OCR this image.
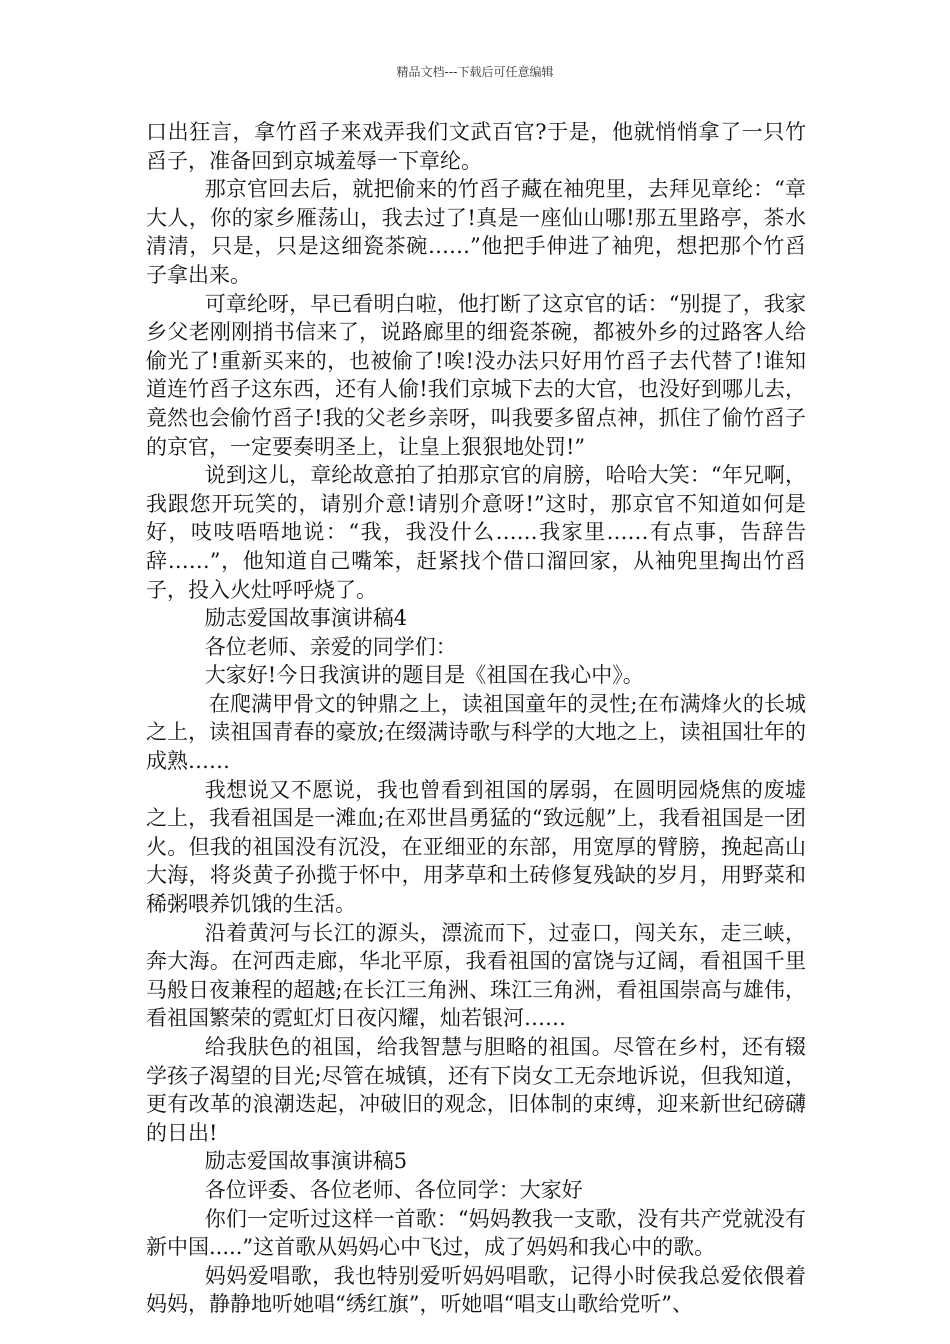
精品文档---下载后可任意编辑

口出狂言，拿竹舀子来戏弄我们文武百官?于是，他就悄悄拿了一只竹舀子，准备回到京城羞辱一下章纶。

那京官回去后，就把偷来的竹舀子藏在袖兜里，去拜见章纶：“章大人，你的家乡雁荡山，我去过了!真是一座仙山哪!那五里路亭，茶水清清，只是，只是这细瓷茶碗……”他把手伸进了袖兜，想把那个竹舀子拿出来。

可章纶呀，早已看明白啦，他打断了这京官的话：“别提了，我家乡父老刚刚捎书信来了，说路廊里的细瓷茶碗，都被外乡的过路客人给偷光了!重新买来的，也被偷了!唉!没办法只好用竹舀子去代替了!谁知道连竹舀子这东西，还有人偷!我们京城下去的大官，也没好到哪儿去，竟然也会偷竹舀子!我的父老乡亲呀，叫我要多留点神，抓住了偷竹舀子的京官，一定要奏明圣上，让皇上狠狠地处罚!”

说到这儿，章纶故意拍了拍那京官的肩膀，哈哈大笑：“年兄啊，我跟您开玩笑的，请别介意!请别介意呀!”这时，那京官不知道如何是好，吱吱唔唔地说：“我，我没什么……我家里……有点事，告辞告辞……”，他知道自己嘴笨，赶紧找个借口溜回家，从袖兜里掏出竹舀子，投入火灶呼呼烧了。

励志爱国故事演讲稿4

各位老师、亲爱的同学们：

大家好!今日我演讲的题目是《祖国在我心中》。

在爬满甲骨文的钟鼎之上，读祖国童年的灵性;在布满烽火的长城之上，读祖国青春的豪放;在缀满诗歌与科学的大地之上，读祖国壮年的成熟……

我想说又不愿说，我也曾看到祖国的孱弱，在圆明园烧焦的废墟之上，我看祖国是一滩血;在邓世昌勇猛的“致远舰”上，我看祖国是一团火。但我的祖国没有沉没，在亚细亚的东部，用宽厚的臂膀，挽起高山大海，将炎黄子孙揽于怀中，用茅草和土砖修复残缺的岁月，用野菜和稀粥喂养饥饿的生活。

沿着黄河与长江的源头，漂流而下，过壶口，闯关东，走三峡，奔大海。在河西走廊，华北平原，我看祖国的富饶与辽阔，看祖国千里马般日夜兼程的超越;在长江三角洲、珠江三角洲，看祖国崇高与雄伟，看祖国繁荣的霓虹灯日夜闪耀，灿若银河……

给我肤色的祖国，给我智慧与胆略的祖国。尽管在乡村，还有辍学孩子渴望的目光;尽管在城镇，还有下岗女工无奈地诉说，但我知道，更有改革的浪潮迭起，冲破旧的观念，旧体制的束缚，迎来新世纪磅礴的日出!

励志爱国故事演讲稿5

各位评委、各位老师、各位同学：大家好

你们一定听过这样一首歌：“妈妈教我一支歌，没有共产党就没有新中国.....”这首歌从妈妈心中飞过，成了妈妈和我心中的歌。

妈妈爱唱歌，我也特别爱听妈妈唱歌，记得小时侯我总爱依偎着妈妈，静静地听她唱“绣红旗”，听她唱“唱支山歌给党听”、
